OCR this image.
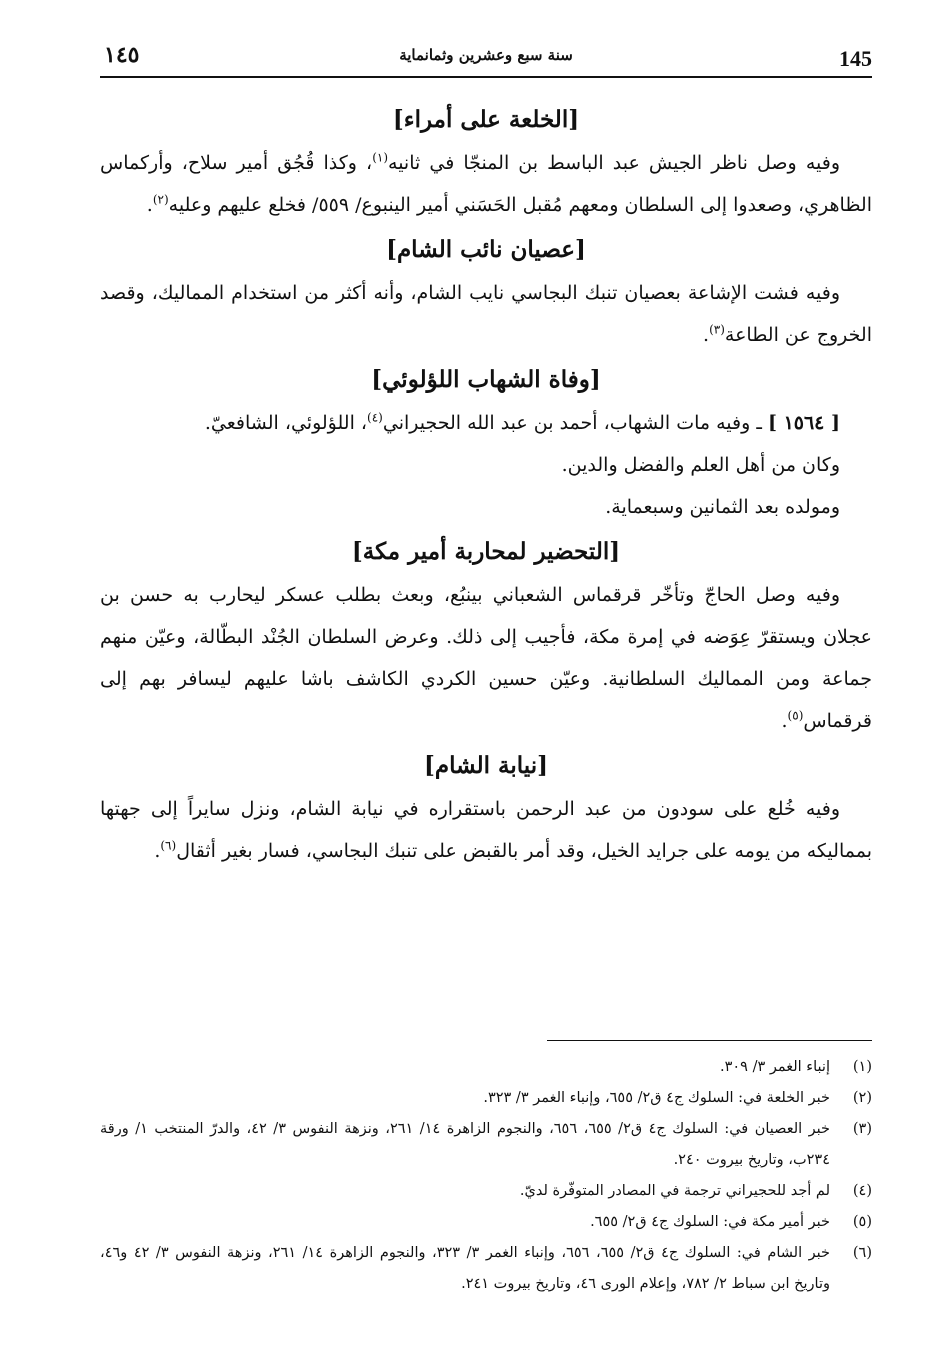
145
سنة سبع وعشرين وثمانماية
١٤٥
[الخلعة على أمراء]

وفيه وصل ناظر الجيش عبد الباسط بن المنجّا في ثانيه$^{(١)}$، وكذا قُجُق أمير سلاح، وأركماس الظاهري، وصعدوا إلى السلطان ومعهم مُقبل الحَسَني أمير الينبوع/ ٥٥٩/ فخلع عليهم وعليه$^{(٢)}$.

[عصيان نائب الشام]

وفيه فشت الإشاعة بعصيان تنبك البجاسي نايب الشام، وأنه أكثر من استخدام المماليك، وقصد الخروج عن الطاعة$^{(٣)}$.

[وفاة الشهاب اللؤلوئي]

[ ١٥٦٤ ] ـ وفيه مات الشهاب، أحمد بن عبد الله الحجيراني$^{(٤)}$، اللؤلوئي، الشافعيّ.

وكان من أهل العلم والفضل والدين.

ومولده بعد الثمانين وسبعماية.

[التحضير لمحاربة أمير مكة]

وفيه وصل الحاجّ وتأخّر قرقماس الشعباني بينبُع، وبعث بطلب عسكر ليحارب به حسن بن عجلان ويستقرّ عِوَضه في إمرة مكة، فأجيب إلى ذلك. وعرض السلطان الجُنْد البطّالة، وعيّن منهم جماعة ومن المماليك السلطانية. وعيّن حسين الكردي الكاشف باشا عليهم ليسافر بهم إلى قرقماس$^{(٥)}$.

[نيابة الشام]

وفيه خُلع على سودون من عبد الرحمن باستقراره في نيابة الشام، ونزل سايراً إلى جهتها بمماليكه من يومه على جرايد الخيل، وقد أمر بالقبض على تنبك البجاسي، فسار بغير أثقال$^{(٦)}$.

(١)
إنباء الغمر ٣/ ٣٠٩.
(٢)
خبر الخلعة في: السلوك ج٤ ق٢/ ٦٥٥، وإنباء الغمر ٣/ ٣٢٣.
(٣)
خبر العصيان في: السلوك ج٤ ق٢/ ٦٥٥، ٦٥٦، والنجوم الزاهرة ١٤/ ٢٦١، ونزهة النفوس ٣/ ٤٢، والدرّ المنتخب ١/ ورقة ٢٣٤ب، وتاريخ بيروت ٢٤٠.
(٤)
لم أجد للحجيراني ترجمة في المصادر المتوفّرة لديّ.
(٥)
خبر أمير مكة في: السلوك ج٤ ق٢/ ٦٥٥.
(٦)
خبر الشام في: السلوك ج٤ ق٢/ ٦٥٥، ٦٥٦، وإنباء الغمر ٣/ ٣٢٣، والنجوم الزاهرة ١٤/ ٢٦١، ونزهة النفوس ٣/ ٤٢ و٤٦، وتاريخ ابن سباط ٢/ ٧٨٢، وإعلام الورى ٤٦، وتاريخ بيروت ٢٤١.
